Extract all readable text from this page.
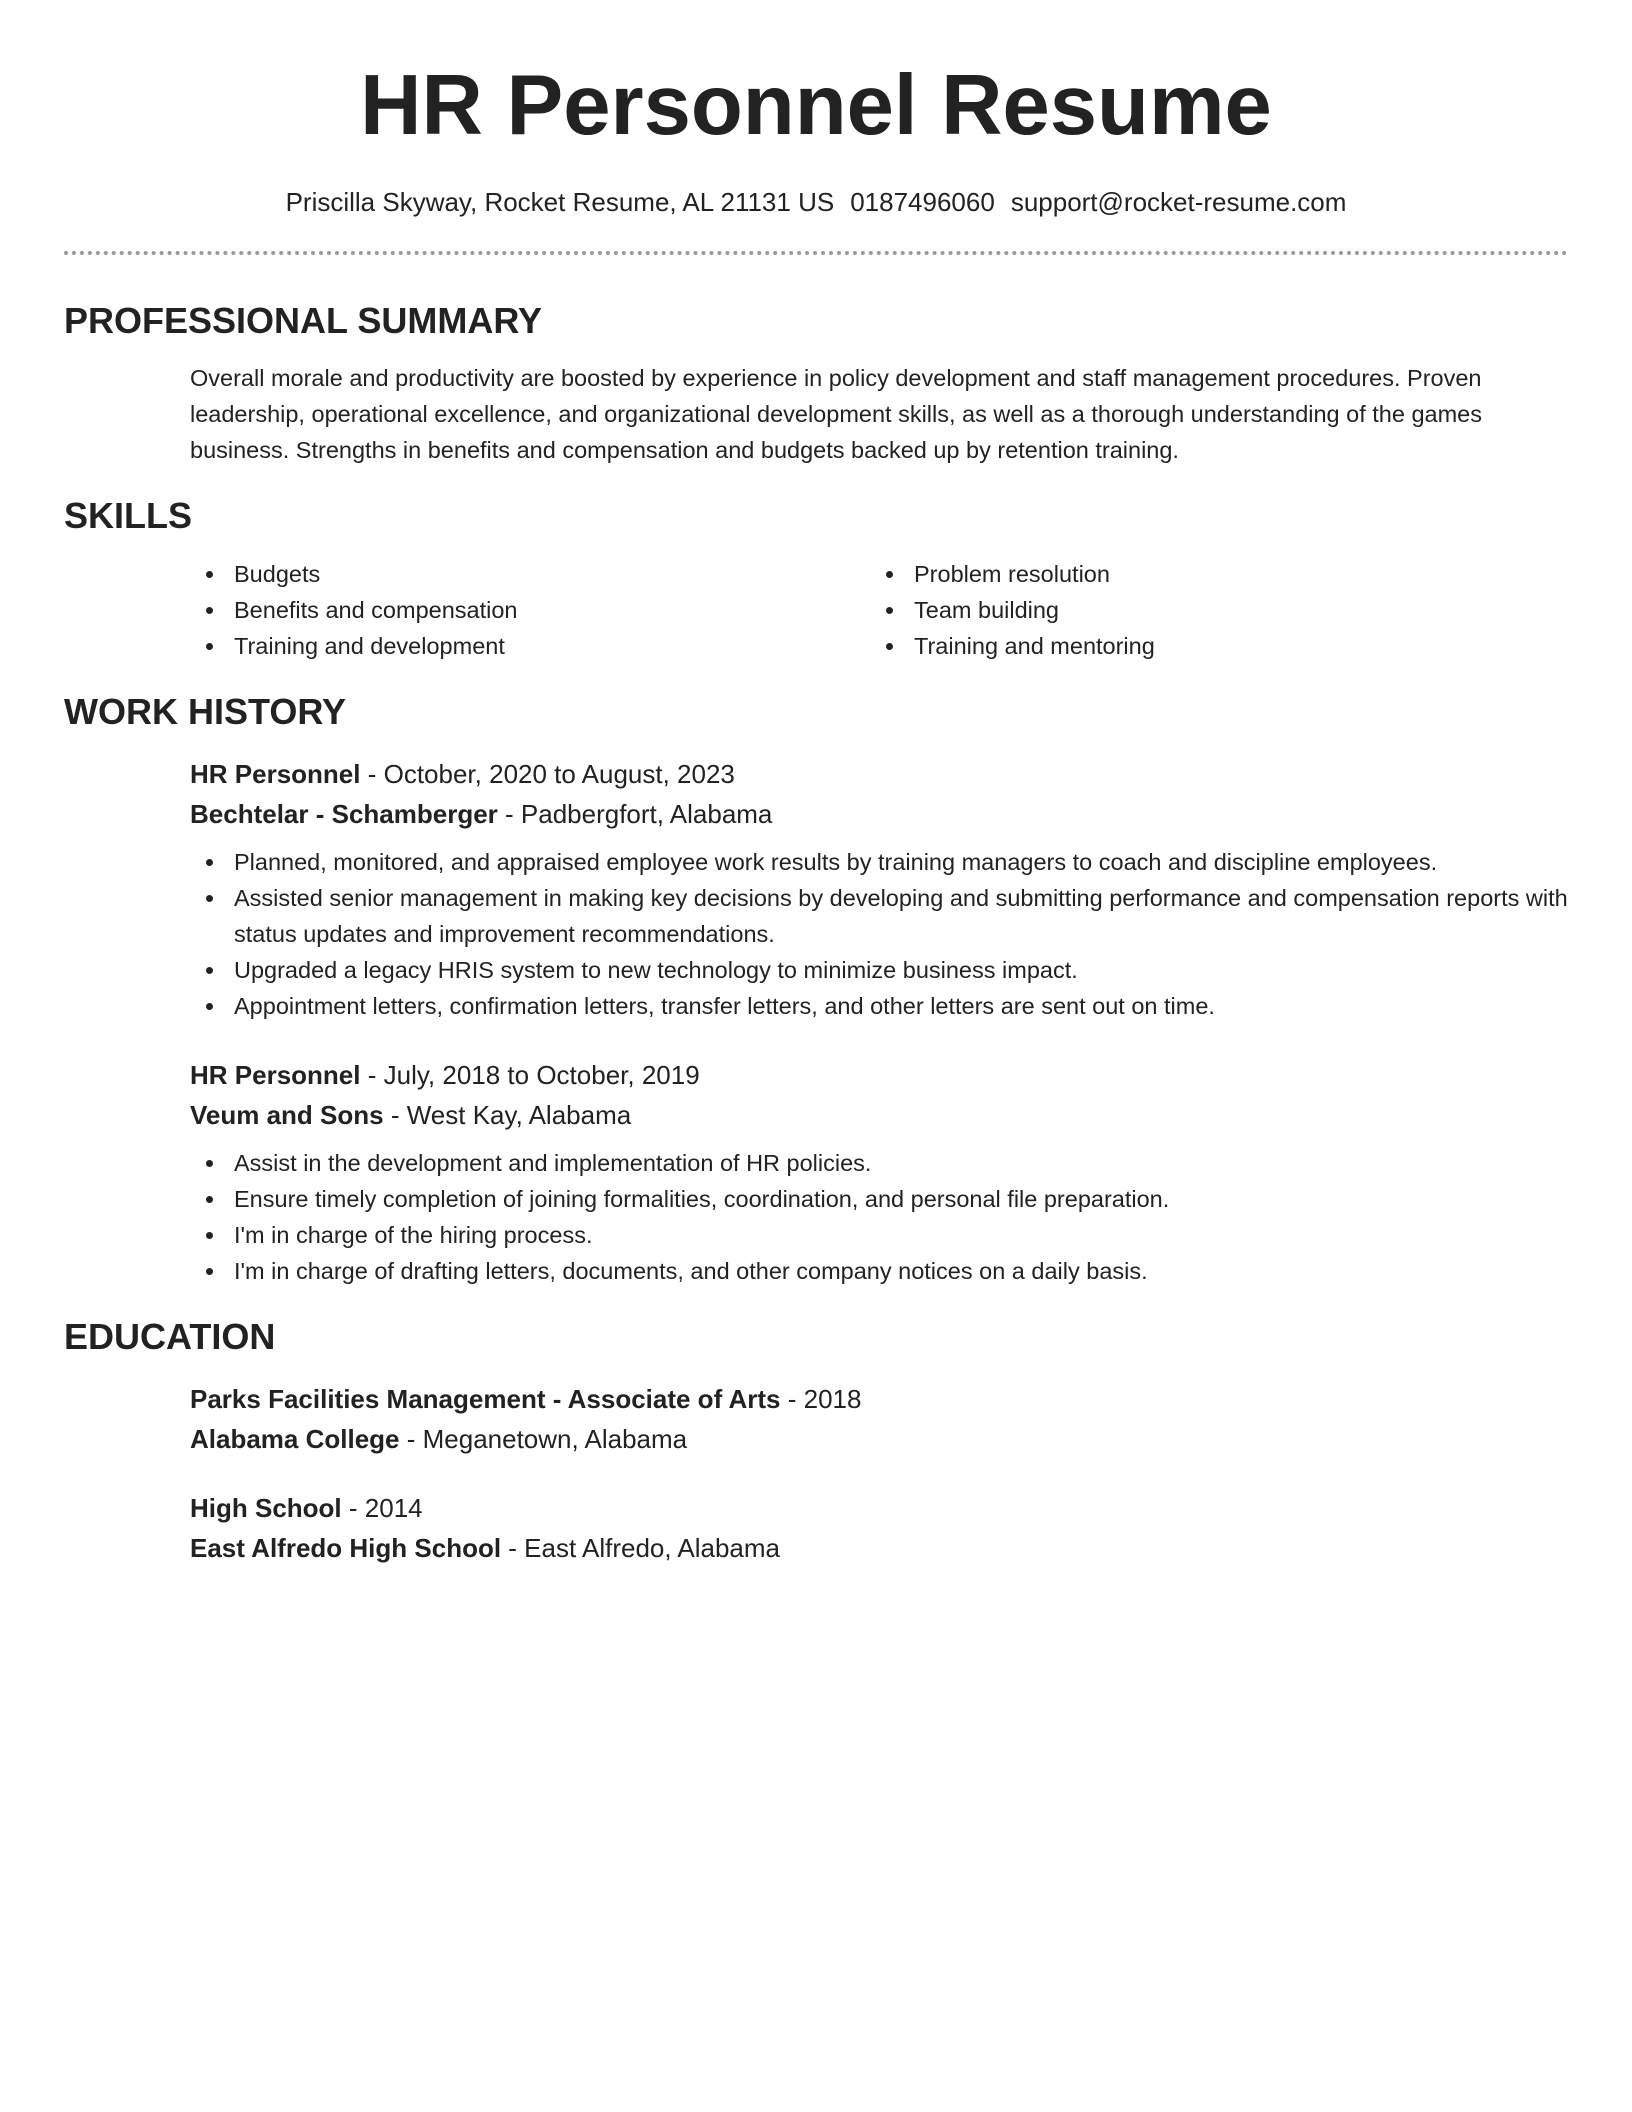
HR Personnel Resume
Priscilla Skyway, Rocket Resume, AL 21131 US 0187496060 support@rocket-resume.com
PROFESSIONAL SUMMARY

Overall morale and productivity are boosted by experience in policy development and staff management procedures. Proven leadership, operational excellence, and organizational development skills, as well as a thorough understanding of the games business. Strengths in benefits and compensation and budgets backed up by retention training.

SKILLS
Budgets
Benefits and compensation
Training and development
Problem resolution
Team building
Training and mentoring
WORK HISTORY
HR Personnel - October, 2020 to August, 2023
Bechtelar - Schamberger - Padbergfort, Alabama
Planned, monitored, and appraised employee work results by training managers to coach and discipline employees.
Assisted senior management in making key decisions by developing and submitting performance and compensation reports with status updates and improvement recommendations.
Upgraded a legacy HRIS system to new technology to minimize business impact.
Appointment letters, confirmation letters, transfer letters, and other letters are sent out on time.
HR Personnel - July, 2018 to October, 2019
Veum and Sons - West Kay, Alabama
Assist in the development and implementation of HR policies.
Ensure timely completion of joining formalities, coordination, and personal file preparation.
I'm in charge of the hiring process.
I'm in charge of drafting letters, documents, and other company notices on a daily basis.
EDUCATION
Parks Facilities Management - Associate of Arts - 2018
Alabama College - Meganetown, Alabama
High School - 2014
East Alfredo High School - East Alfredo, Alabama
